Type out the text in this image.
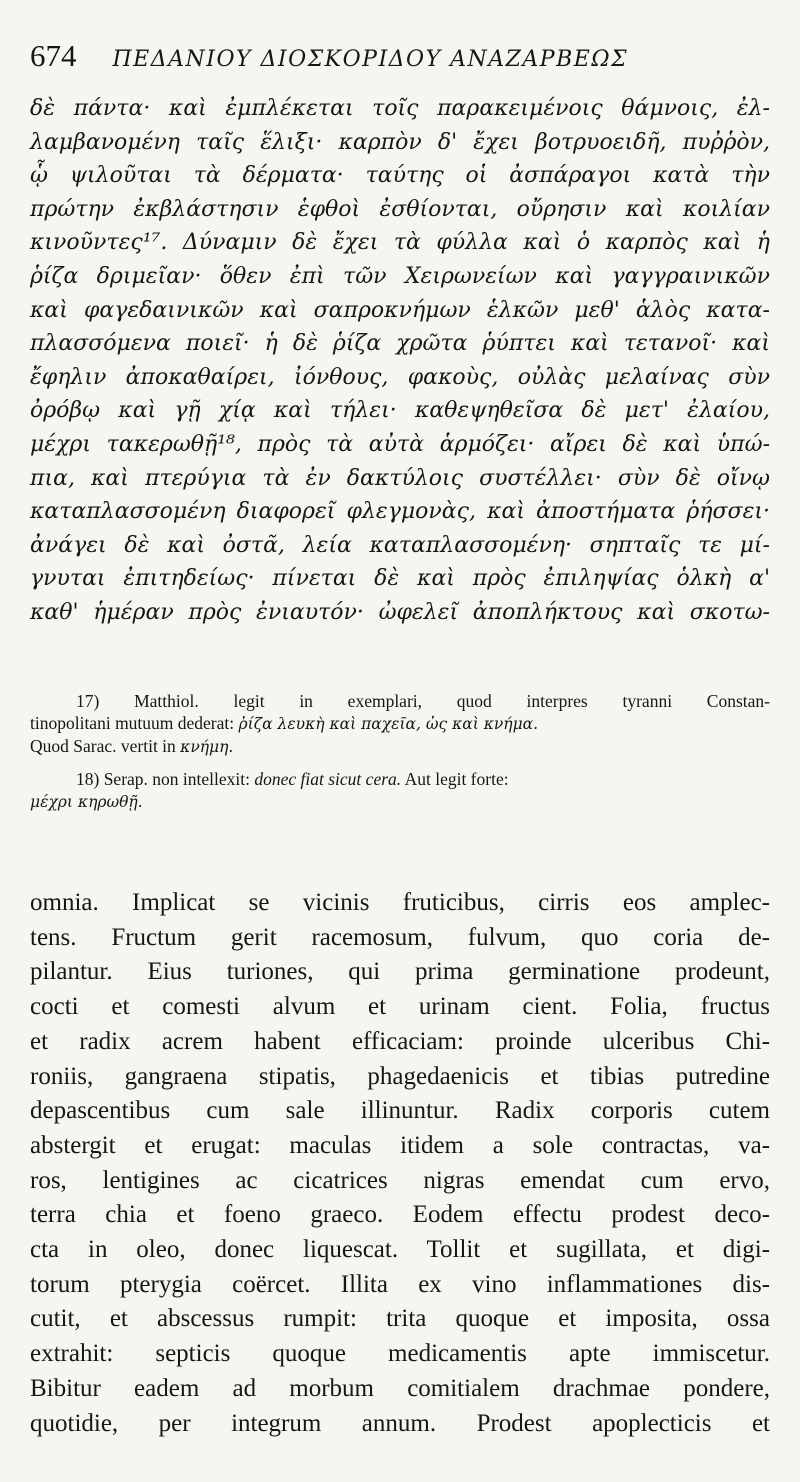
674 ΠΕΔΑΝΙΟΥ ΔΙΟΣΚΟΡΙΔΟΥ ΑΝΑΖΑΡΒΕΩΣ
δὲ πάντα· καὶ ἐμπλέκεται τοῖς παρακειμένοις θάμνοις, ἐλ-
λαμβανομένη ταῖς ἕλιξι· καρπὸν δ' ἔχει βοτρυοειδῆ, πυῤῥὸν,
ᾧ ψιλοῦται τὰ δέρματα· ταύτης οἱ ἀσπάραγοι κατὰ τὴν
πρώτην ἐκβλάστησιν ἑφθοὶ ἐσθίονται, οὔρησιν καὶ κοιλίαν
κινοῦντες¹⁷. Δύναμιν δὲ ἔχει τὰ φύλλα καὶ ὁ καρπὸς καὶ ἡ
ῥίζα δριμεῖαν· ὅθεν ἐπὶ τῶν Χειρωνείων καὶ γαγγραινικῶν
καὶ φαγεδαινικῶν καὶ σαπροκνήμων ἑλκῶν μεθ' ἁλὸς κατα-
πλασσόμενα ποιεῖ· ἡ δὲ ῥίζα χρῶτα ῥύπτει καὶ τετανοῖ· καὶ
ἔφηλιν ἀποκαθαίρει, ἰόνθους, φακοὺς, οὐλὰς μελαίνας σὺν
ὀρόβῳ καὶ γῇ χίᾳ καὶ τήλει· καθεψηθεῖσα δὲ μετ' ἐλαίου,
μέχρι τακερωθῇ¹⁸, πρὸς τὰ αὐτὰ ἁρμόζει· αἴρει δὲ καὶ ὑπώ-
πια, καὶ πτερύγια τὰ ἐν δακτύλοις συστέλλει· σὺν δὲ οἴνῳ
καταπλασσομένη διαφορεῖ φλεγμονὰς, καὶ ἀποστήματα ῥήσσει·
ἀνάγει δὲ καὶ ὀστᾶ, λεία καταπλασσομένη· σηπταῖς τε μί-
γνυται ἐπιτηδείως· πίνεται δὲ καὶ πρὸς ἐπιληψίας ὁλκὴ α'
καθ' ἡμέραν πρὸς ἐνιαυτόν· ὠφελεῖ ἀποπλήκτους καὶ σκοτω-
17) Matthiol. legit in exemplari, quod interpres tyranni Constan-
tinopolitani mutuum dederat: ῥίζα λευκὴ καὶ παχεῖα, ὡς καὶ κνήμα.
Quod Sarac. vertit in κνήμη.
18) Serap. non intellexit: donec fiat sicut cera. Aut legit forte:
μέχρι κηρωθῇ.
omnia. Implicat se vicinis fruticibus, cirris eos amplec-
tens. Fructum gerit racemosum, fulvum, quo coria de-
pilantur. Eius turiones, qui prima germinatione prodeunt,
cocti et comesti alvum et urinam cient. Folia, fructus
et radix acrem habent efficaciam: proinde ulceribus Chi-
roniis, gangraena stipatis, phagedaenicis et tibias putredine
depascentibus cum sale illinuntur. Radix corporis cutem
abstergit et erugat: maculas itidem a sole contractas, va-
ros, lentigines ac cicatrices nigras emendat cum ervo,
terra chia et foeno graeco. Eodem effectu prodest deco-
cta in oleo, donec liquescat. Tollit et sugillata, et digi-
torum pterygia coërcet. Illita ex vino inflammationes dis-
cutit, et abscessus rumpit: trita quoque et imposita, ossa
extrahit: septicis quoque medicamentis apte immiscetur.
Bibitur eadem ad morbum comitialem drachmae pondere,
quotidie, per integrum annum. Prodest apoplecticis et
